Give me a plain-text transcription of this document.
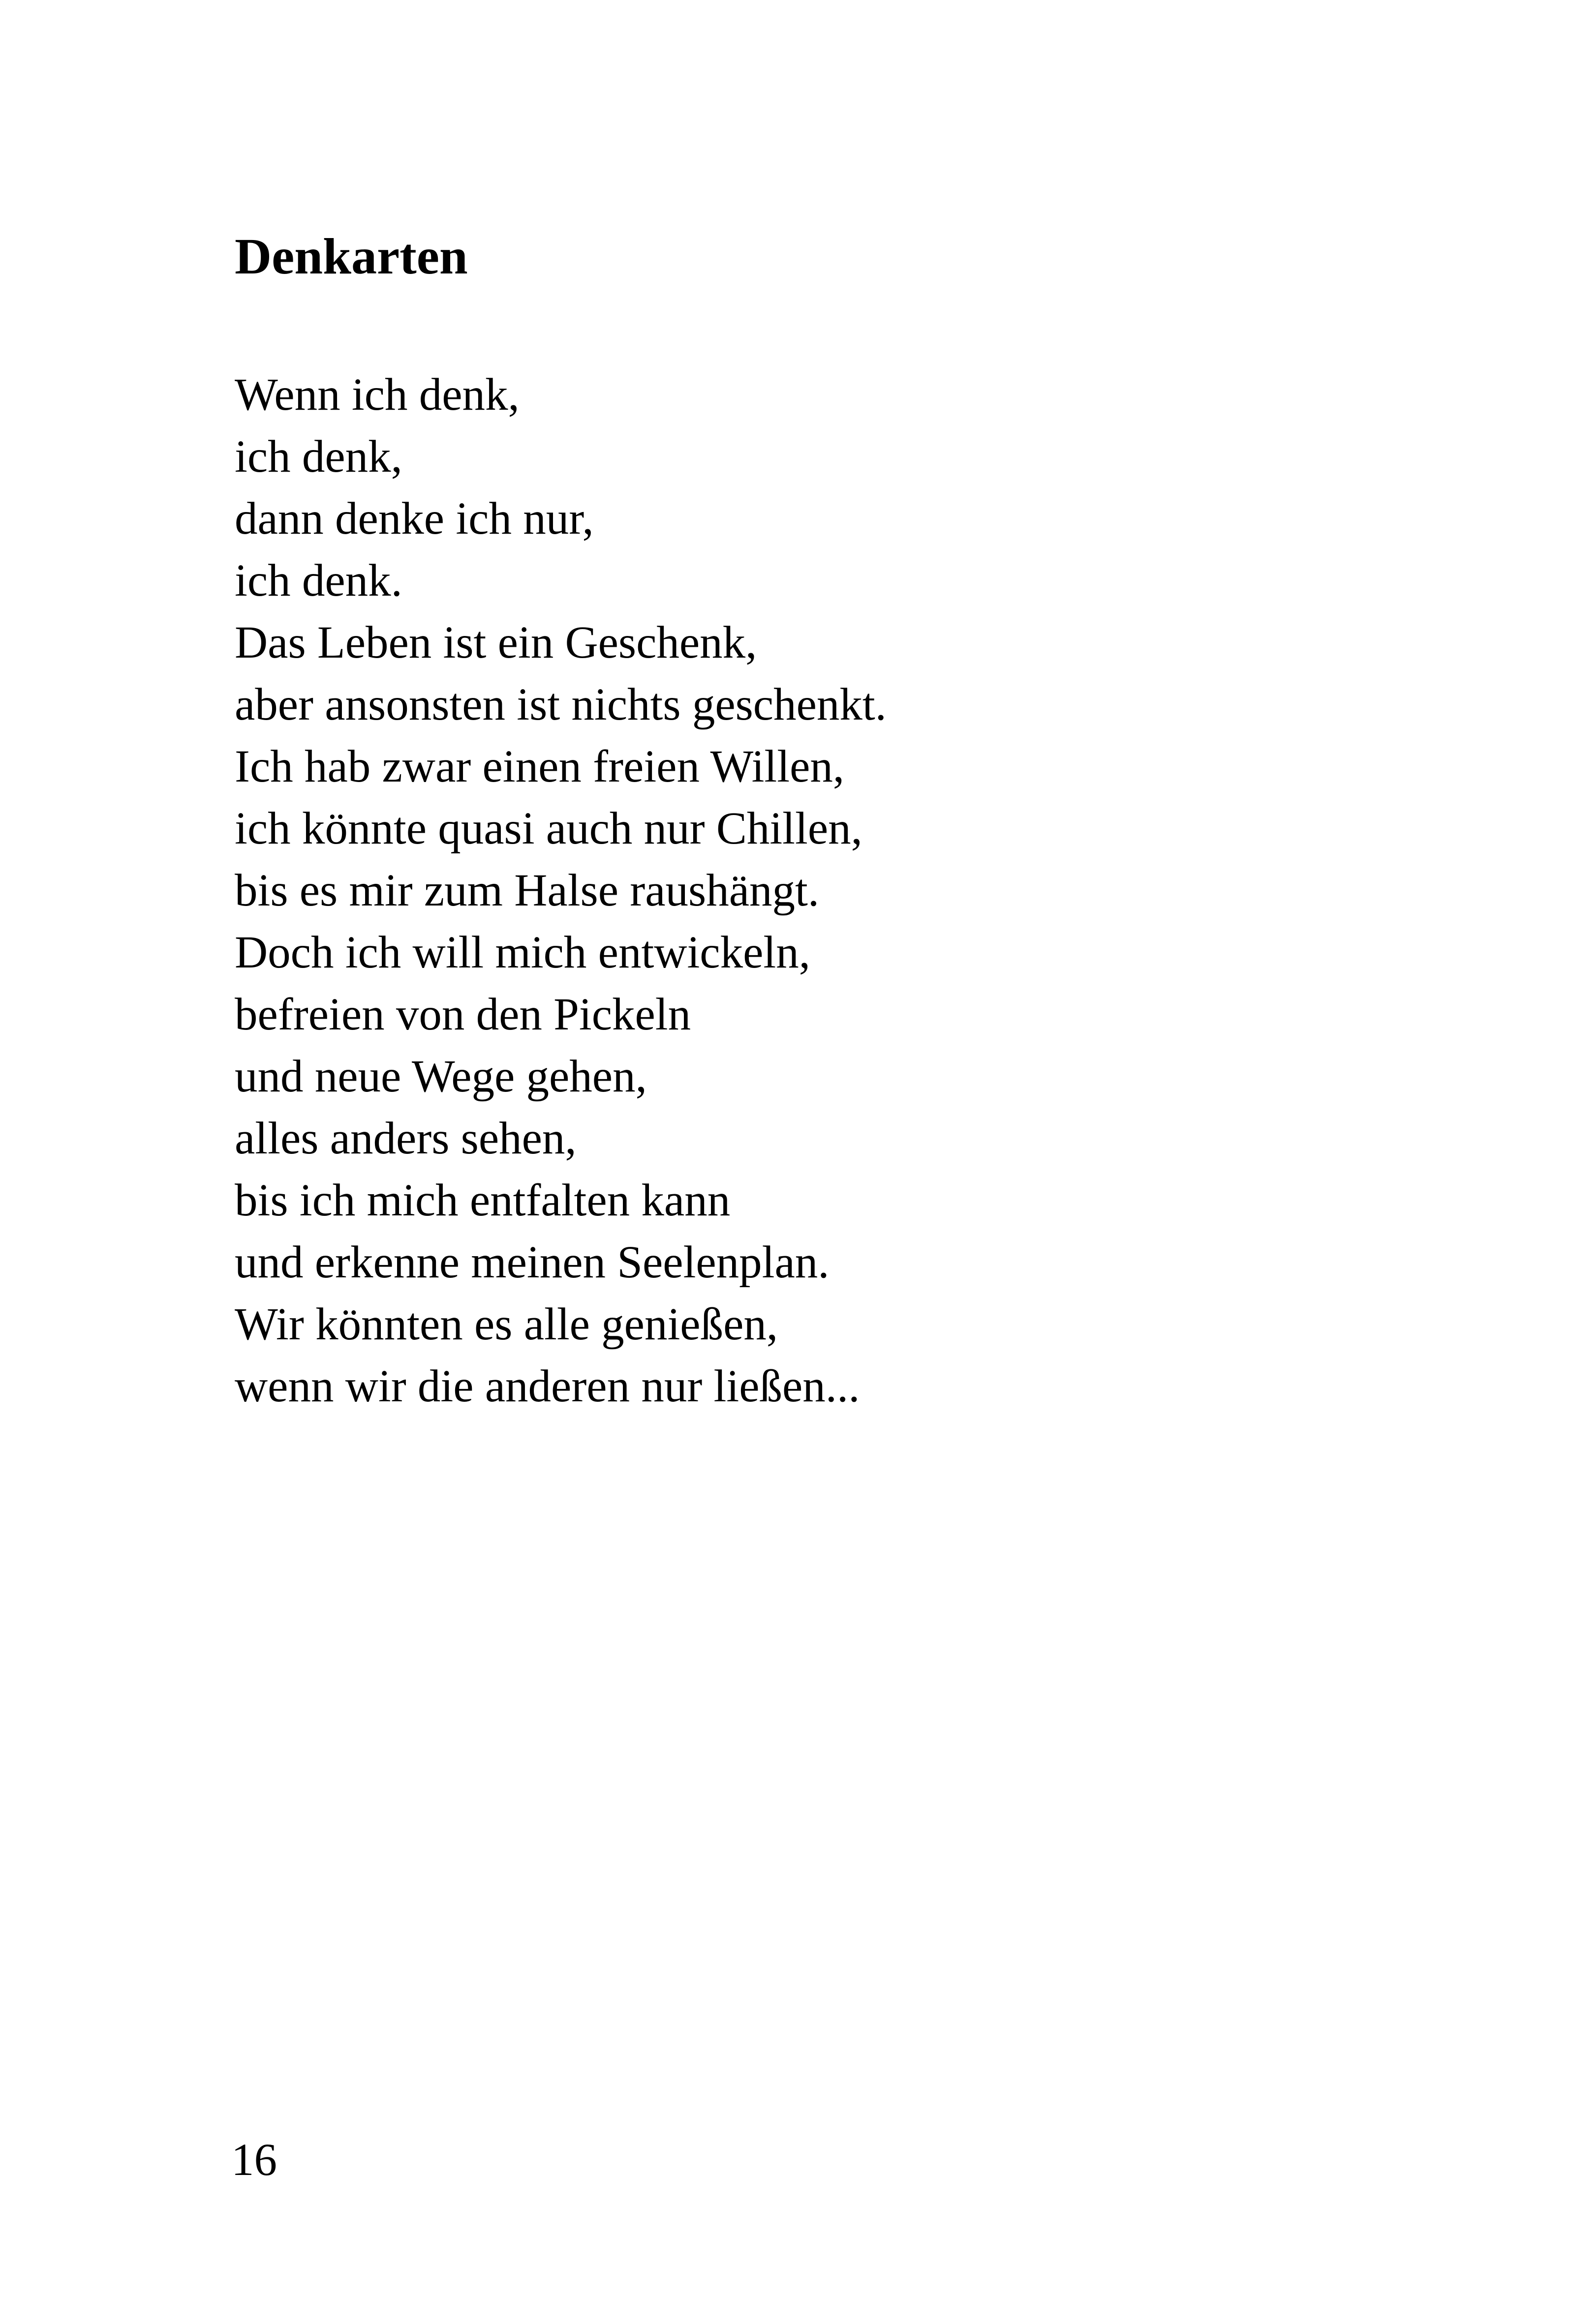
Denkarten
Wenn ich denk,
ich denk,
dann denke ich nur,
ich denk.
Das Leben ist ein Geschenk,
aber ansonsten ist nichts geschenkt.
Ich hab zwar einen freien Willen,
ich könnte quasi auch nur Chillen,
bis es mir zum Halse raushängt.
Doch ich will mich entwickeln,
befreien von den Pickeln
und neue Wege gehen,
alles anders sehen,
bis ich mich entfalten kann
und erkenne meinen Seelenplan.
Wir könnten es alle genießen,
wenn wir die anderen nur ließen...
16
